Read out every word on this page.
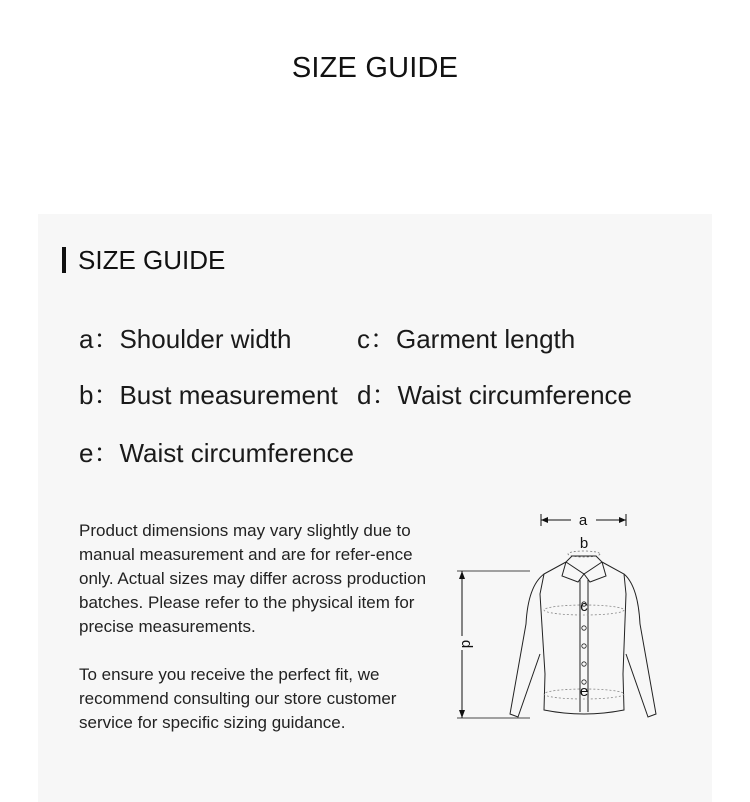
SIZE GUIDE
SIZE GUIDE
a：Shoulder width	c：Garment length
b：Bust measurement d：Waist circumference
e：Waist circumference

Product dimensions may vary slightly due to manual measurement and are for refer-ence only. Actual sizes may differ across production batches. Please refer to the physical item for precise measurements.

To ensure you receive the perfect fit, we recommend consulting our store customer service for specific sizing guidance.

a
b
d
c
e
